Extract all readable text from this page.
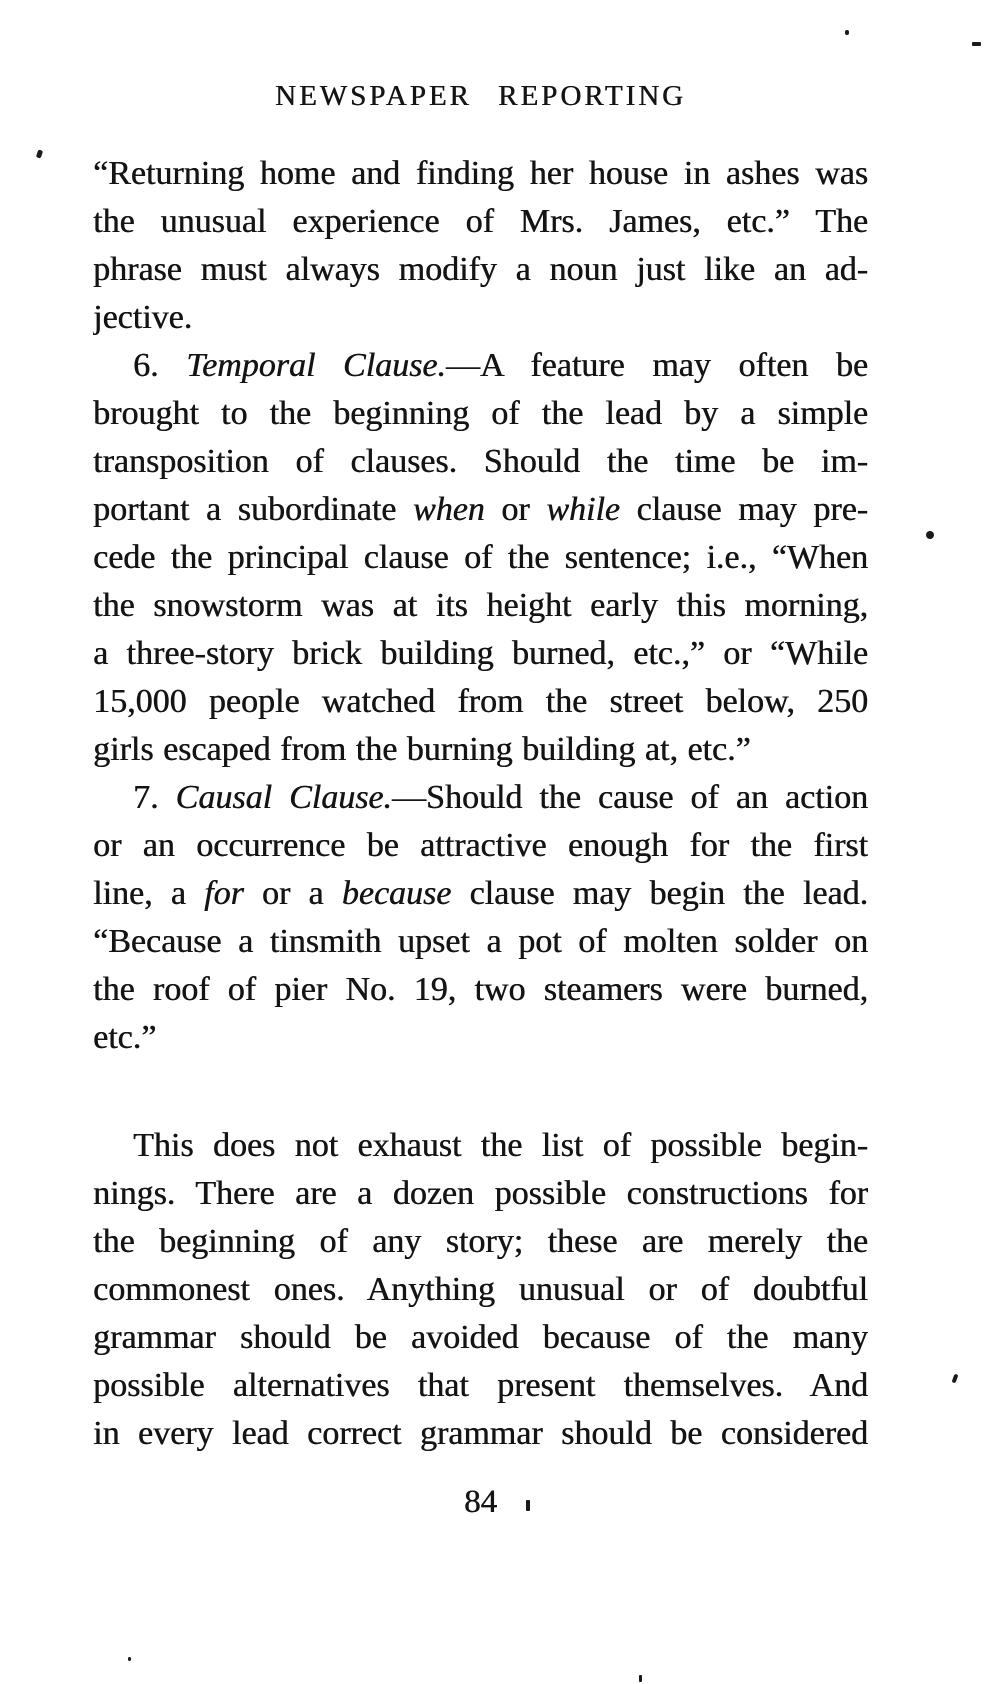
NEWSPAPER REPORTING
“Returning home and finding her house in ashes was
the unusual experience of Mrs. James, etc.” The
phrase must always modify a noun just like an ad-
jective.
6. Temporal Clause.—A feature may often be
brought to the beginning of the lead by a simple
transposition of clauses. Should the time be im-
portant a subordinate when or while clause may pre-
cede the principal clause of the sentence; i.e., “When
the snowstorm was at its height early this morning,
a three-story brick building burned, etc.,” or “While
15,000 people watched from the street below, 250
girls escaped from the burning building at, etc.”
7. Causal Clause.—Should the cause of an action
or an occurrence be attractive enough for the first
line, a for or a because clause may begin the lead.
“Because a tinsmith upset a pot of molten solder on
the roof of pier No. 19, two steamers were burned,
etc.”
This does not exhaust the list of possible begin-
nings. There are a dozen possible constructions for
the beginning of any story; these are merely the
commonest ones. Anything unusual or of doubtful
grammar should be avoided because of the many
possible alternatives that present themselves. And
in every lead correct grammar should be considered
84
